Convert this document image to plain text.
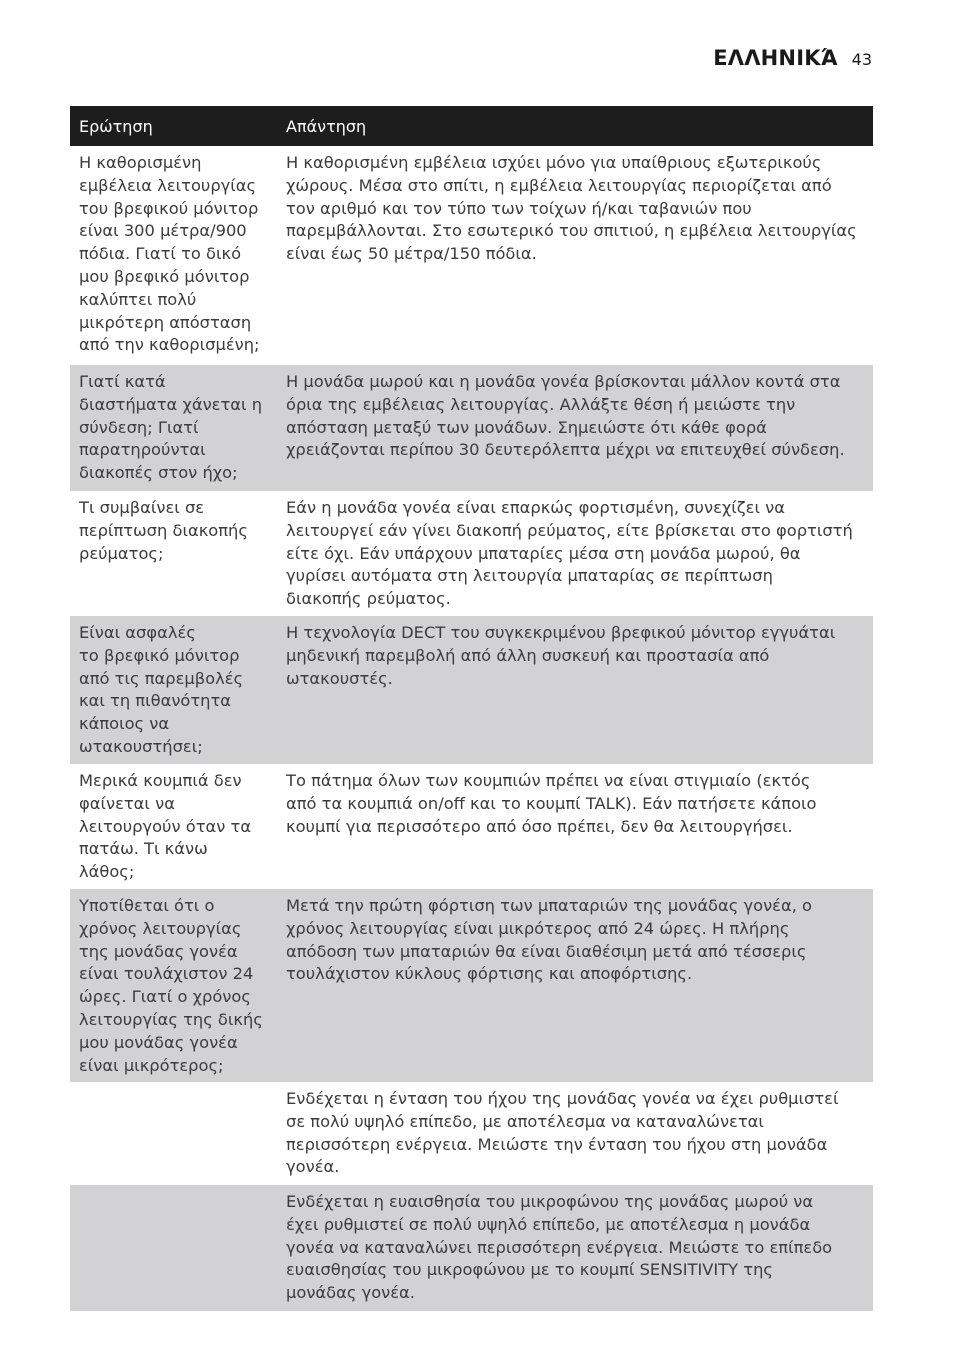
ΕΛΛΗΝΙΚΆ 43
Ερώτηση	Απάντηση
Η καθορισμένη
εμβέλεια λειτουργίας
του βρεφικού μόνιτορ
είναι 300 μέτρα/900
πόδια. Γιατί το δικό
μου βρεφικό μόνιτορ
καλύπτει πολύ
μικρότερη απόσταση
από την καθορισμένη;
Η καθορισμένη εμβέλεια ισχύει μόνο για υπαίθριους εξωτερικούς
χώρους. Μέσα στο σπίτι, η εμβέλεια λειτουργίας περιορίζεται από
τον αριθμό και τον τύπο των τοίχων ή/και ταβανιών που
παρεμβάλλονται. Στο εσωτερικό του σπιτιού, η εμβέλεια λειτουργίας
είναι έως 50 μέτρα/150 πόδια.
Γιατί κατά
διαστήματα χάνεται η
σύνδεση; Γιατί
παρατηρούνται
διακοπές στον ήχο;
Η μονάδα μωρού και η μονάδα γονέα βρίσκονται μάλλον κοντά στα
όρια της εμβέλειας λειτουργίας. Αλλάξτε θέση ή μειώστε την
απόσταση μεταξύ των μονάδων. Σημειώστε ότι κάθε φορά
χρειάζονται περίπου 30 δευτερόλεπτα μέχρι να επιτευχθεί σύνδεση.
Τι συμβαίνει σε
περίπτωση διακοπής
ρεύματος;
Εάν η μονάδα γονέα είναι επαρκώς φορτισμένη, συνεχίζει να
λειτουργεί εάν γίνει διακοπή ρεύματος, είτε βρίσκεται στο φορτιστή
είτε όχι. Εάν υπάρχουν μπαταρίες μέσα στη μονάδα μωρού, θα
γυρίσει αυτόματα στη λειτουργία μπαταρίας σε περίπτωση
διακοπής ρεύματος.
Είναι ασφαλές
το βρεφικό μόνιτορ
από τις παρεμβολές
και τη πιθανότητα
κάποιος να
ωτακουστήσει;
Η τεχνολογία DECT του συγκεκριμένου βρεφικού μόνιτορ εγγυάται
μηδενική παρεμβολή από άλλη συσκευή και προστασία από
ωτακουστές.
Μερικά κουμπιά δεν
φαίνεται να
λειτουργούν όταν τα
πατάω. Τι κάνω
λάθος;
Το πάτημα όλων των κουμπιών πρέπει να είναι στιγμιαίο (εκτός
από τα κουμπιά on/off και το κουμπί TALK). Εάν πατήσετε κάποιο
κουμπί για περισσότερο από όσο πρέπει, δεν θα λειτουργήσει.
Υποτίθεται ότι ο
χρόνος λειτουργίας
της μονάδας γονέα
είναι τουλάχιστον 24
ώρες. Γιατί ο χρόνος
λειτουργίας της δικής
μου μονάδας γονέα
είναι μικρότερος;
Μετά την πρώτη φόρτιση των μπαταριών της μονάδας γονέα, ο
χρόνος λειτουργίας είναι μικρότερος από 24 ώρες. Η πλήρης
απόδοση των μπαταριών θα είναι διαθέσιμη μετά από τέσσερις
τουλάχιστον κύκλους φόρτισης και αποφόρτισης.
Ενδέχεται η ένταση του ήχου της μονάδας γονέα να έχει ρυθμιστεί
σε πολύ υψηλό επίπεδο, με αποτέλεσμα να καταναλώνεται
περισσότερη ενέργεια. Μειώστε την ένταση του ήχου στη μονάδα
γονέα.
Ενδέχεται η ευαισθησία του μικροφώνου της μονάδας μωρού να
έχει ρυθμιστεί σε πολύ υψηλό επίπεδο, με αποτέλεσμα η μονάδα
γονέα να καταναλώνει περισσότερη ενέργεια. Μειώστε το επίπεδο
ευαισθησίας του μικροφώνου με το κουμπί SENSITIVITY της
μονάδας γονέα.
